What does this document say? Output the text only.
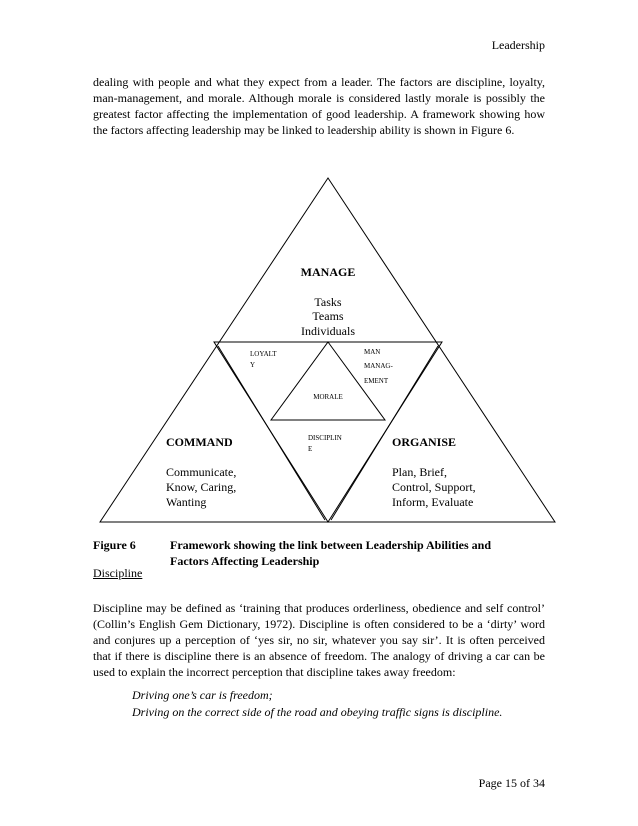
Leadership

dealing with people and what they expect from a leader. The factors are discipline, loyalty, man-management, and morale. Although morale is considered lastly morale is possibly the greatest factor affecting the implementation of good leadership. A framework showing how the factors affecting leadership may be linked to leadership ability is shown in Figure 6.

MANAGE
Tasks
Teams
Individuals
LOYALT
Y
MAN
MANAG-
EMENT
MORALE
DISCIPLIN
E
COMMAND
Communicate,
Know, Caring,
Wanting
ORGANISE
Plan, Brief,
Control, Support,
Inform, Evaluate
Figure 6	Framework showing the link between Leadership Abilities and
Factors Affecting Leadership
Discipline

Discipline may be defined as ‘training that produces orderliness, obedience and self control’ (Collin’s English Gem Dictionary, 1972). Discipline is often considered to be a ‘dirty’ word and conjures up a perception of ‘yes sir, no sir, whatever you say sir’. It is often perceived that if there is discipline there is an absence of freedom. The analogy of driving a car can be used to explain the incorrect perception that discipline takes away freedom:

Driving one’s car is freedom;
Driving on the correct side of the road and obeying traffic signs is discipline.
Page 15 of 34
